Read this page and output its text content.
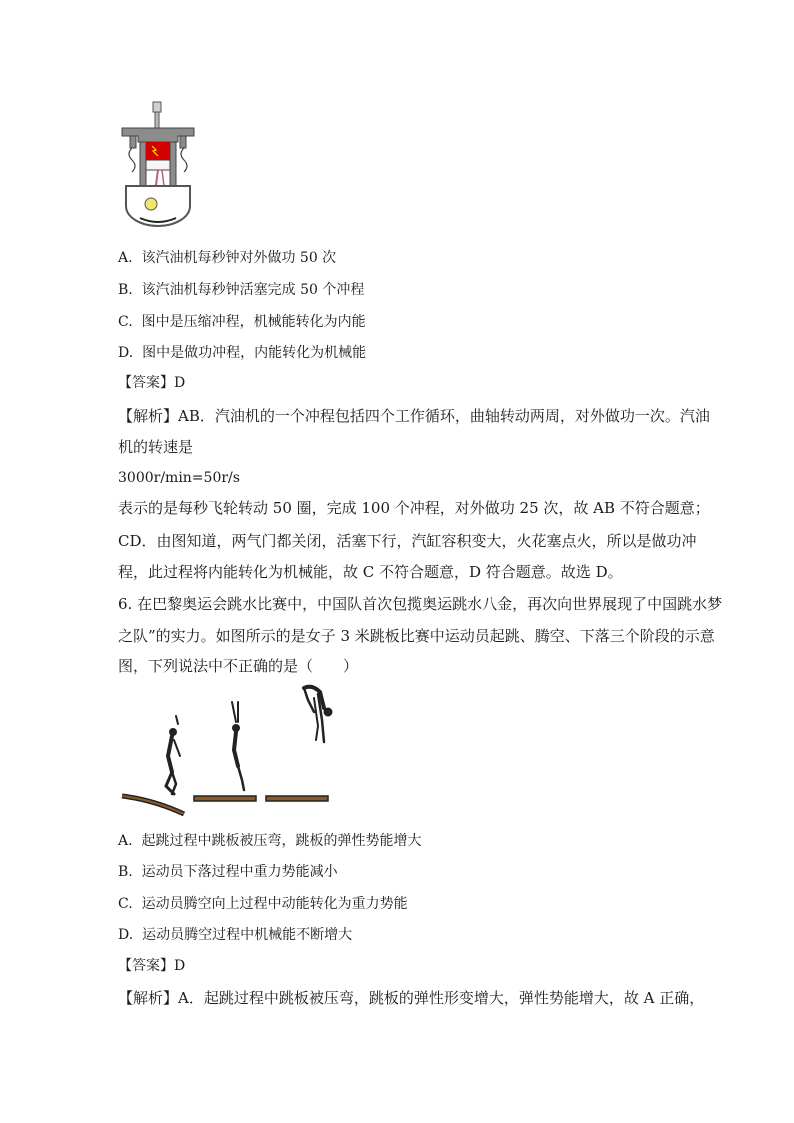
A. 该汽油机每秒钟对外做功 50 次
B. 该汽油机每秒钟活塞完成 50 个冲程
C. 图中是压缩冲程，机械能转化为内能
D. 图中是做功冲程，内能转化为机械能
【答案】D
【解析】AB．汽油机的一个冲程包括四个工作循环，曲轴转动两周，对外做功一次。汽油
机的转速是
3000r/min=50r/s
表示的是每秒飞轮转动 50 圈，完成 100 个冲程，对外做功 25 次，故 AB 不符合题意；
CD．由图知道，两气门都关闭，活塞下行，汽缸容积变大，火花塞点火，所以是做功冲
程，此过程将内能转化为机械能，故 C 不符合题意，D 符合题意。故选 D。
6. 在巴黎奥运会跳水比赛中，中国队首次包揽奥运跳水八金，再次向世界展现了中国跳水梦
之队”的实力。如图所示的是女子 3 米跳板比赛中运动员起跳、腾空、下落三个阶段的示意
图，下列说法中不正确的是（　　）
A. 起跳过程中跳板被压弯，跳板的弹性势能增大
B. 运动员下落过程中重力势能减小
C. 运动员腾空向上过程中动能转化为重力势能
D. 运动员腾空过程中机械能不断增大
【答案】D
【解析】A．起跳过程中跳板被压弯，跳板的弹性形变增大，弹性势能增大，故 A 正确，
